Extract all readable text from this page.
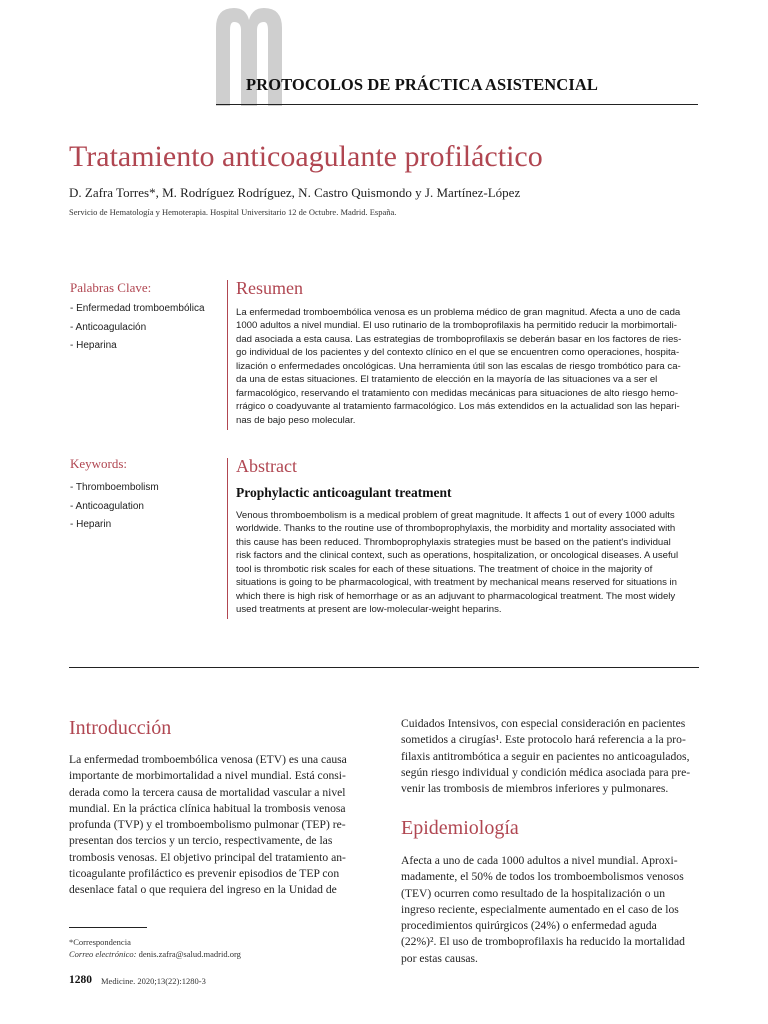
PROTOCOLOS DE PRÁCTICA ASISTENCIAL
Tratamiento anticoagulante profiláctico
D. Zafra Torres*, M. Rodríguez Rodríguez, N. Castro Quismondo y J. Martínez-López
Servicio de Hematología y Hemoterapia. Hospital Universitario 12 de Octubre. Madrid. España.
Palabras Clave:
- Enfermedad tromboembólica
- Anticoagulación
- Heparina
Resumen
La enfermedad tromboembólica venosa es un problema médico de gran magnitud. Afecta a uno de cada
1000 adultos a nivel mundial. El uso rutinario de la tromboprofilaxis ha permitido reducir la morbimortali-
dad asociada a esta causa. Las estrategias de tromboprofilaxis se deberán basar en los factores de ries-
go individual de los pacientes y del contexto clínico en el que se encuentren como operaciones, hospita-
lización o enfermedades oncológicas. Una herramienta útil son las escalas de riesgo trombótico para ca-
da una de estas situaciones. El tratamiento de elección en la mayoría de las situaciones va a ser el
farmacológico, reservando el tratamiento con medidas mecánicas para situaciones de alto riesgo hemo-
rrágico o coadyuvante al tratamiento farmacológico. Los más extendidos en la actualidad son las hepari-
nas de bajo peso molecular.
Keywords:
- Thromboembolism
- Anticoagulation
- Heparin
Abstract
Prophylactic anticoagulant treatment
Venous thromboembolism is a medical problem of great magnitude. It affects 1 out of every 1000 adults
worldwide. Thanks to the routine use of thromboprophylaxis, the morbidity and mortality associated with
this cause has been reduced. Thromboprophylaxis strategies must be based on the patient's individual
risk factors and the clinical context, such as operations, hospitalization, or oncological diseases. A useful
tool is thrombotic risk scales for each of these situations. The treatment of choice in the majority of
situations is going to be pharmacological, with treatment by mechanical means reserved for situations in
which there is high risk of hemorrhage or as an adjuvant to pharmacological treatment. The most widely
used treatments at present are low-molecular-weight heparins.
Introducción
La enfermedad tromboembólica venosa (ETV) es una causa
importante de morbimortalidad a nivel mundial. Está consi-
derada como la tercera causa de mortalidad vascular a nivel
mundial. En la práctica clínica habitual la trombosis venosa
profunda (TVP) y el tromboembolismo pulmonar (TEP) re-
presentan dos tercios y un tercio, respectivamente, de las
trombosis venosas. El objetivo principal del tratamiento an-
ticoagulante profiláctico es prevenir episodios de TEP con
desenlace fatal o que requiera del ingreso en la Unidad de
Cuidados Intensivos, con especial consideración en pacientes
sometidos a cirugías¹. Este protocolo hará referencia a la pro-
filaxis antitrombótica a seguir en pacientes no anticoagulados,
según riesgo individual y condición médica asociada para pre-
venir las trombosis de miembros inferiores y pulmonares.
Epidemiología
Afecta a uno de cada 1000 adultos a nivel mundial. Aproxi-
madamente, el 50% de todos los tromboembolismos venosos
(TEV) ocurren como resultado de la hospitalización o un
ingreso reciente, especialmente aumentado en el caso de los
procedimientos quirúrgicos (24%) o enfermedad aguda
(22%)². El uso de tromboprofilaxis ha reducido la mortalidad
por estas causas.
*Correspondencia
Correo electrónico: denis.zafra@salud.madrid.org
1280 Medicine. 2020;13(22):1280-3
